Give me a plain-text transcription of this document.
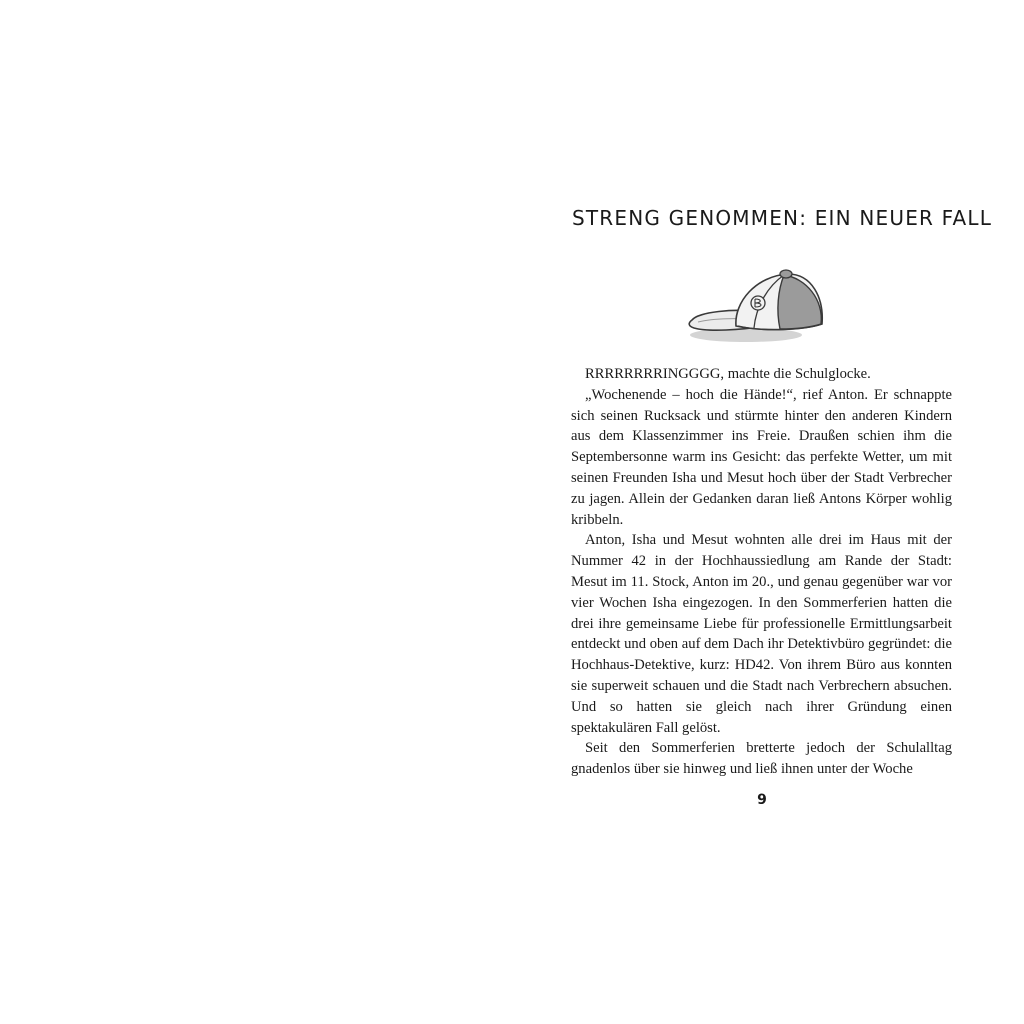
STRENG GENOMMEN: EIN NEUER FALL

RRRRRRRRINGGGG, machte die Schulglocke.

„Wochenende – hoch die Hände!“, rief Anton. Er schnappte sich seinen Rucksack und stürmte hinter den anderen Kindern aus dem Klassenzimmer ins Freie. Draußen schien ihm die Septembersonne warm ins Gesicht: das perfekte Wetter, um mit seinen Freunden Isha und Mesut hoch über der Stadt Verbrecher zu jagen. Allein der Gedanken daran ließ Antons Körper wohlig kribbeln.

Anton, Isha und Mesut wohnten alle drei im Haus mit der Nummer 42 in der Hochhaussiedlung am Rande der Stadt: Mesut im 11. Stock, Anton im 20., und genau gegenüber war vor vier Wochen Isha eingezogen. In den Sommerferien hatten die drei ihre gemeinsame Liebe für professionelle Ermittlungsarbeit entdeckt und oben auf dem Dach ihr Detektivbüro gegründet: die Hochhaus-Detektive, kurz: HD42. Von ihrem Büro aus konnten sie superweit schauen und die Stadt nach Verbrechern absuchen. Und so hatten sie gleich nach ihrer Gründung einen spektakulären Fall gelöst.

Seit den Sommerferien bretterte jedoch der Schulalltag gnadenlos über sie hinweg und ließ ihnen unter der Woche

9
